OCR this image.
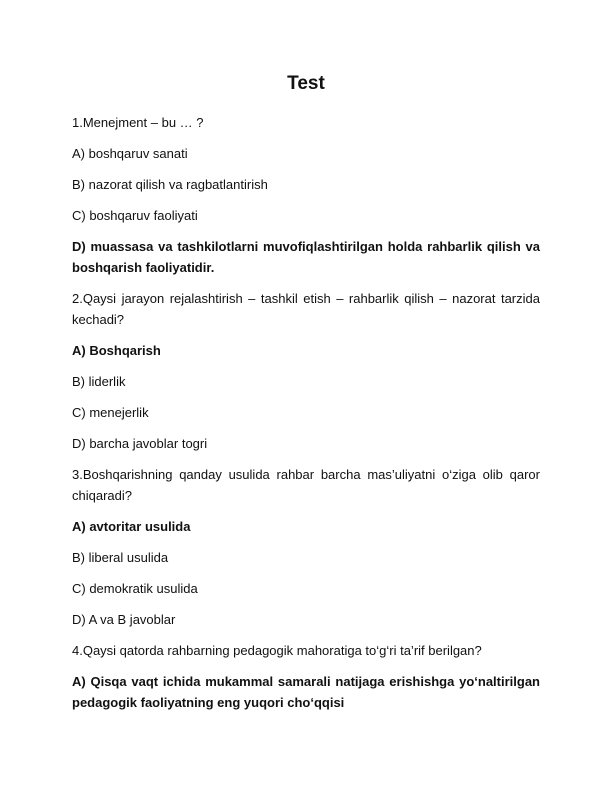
Test

1.Menejment – bu … ?

A) boshqaruv sanati

B) nazorat qilish va ragbatlantirish

C) boshqaruv faoliyati

D) muassasa va tashkilotlarni muvofiqlashtirilgan holda rahbarlik qilish va boshqarish faoliyatidir.

2.Qaysi jarayon rejalashtirish – tashkil etish – rahbarlik qilish – nazorat tarzida kechadi?

A) Boshqarish

B) liderlik

C) menejerlik

D) barcha javoblar togri

3.Boshqarishning qanday usulida rahbar barcha mas’uliyatni o‘ziga olib qaror chiqaradi?

A) avtoritar usulida

B) liberal usulida

C) demokratik usulida

D) A va B javoblar

4.Qaysi qatorda rahbarning pedagogik mahoratiga to‘g‘ri ta’rif berilgan?

A) Qisqa vaqt ichida mukammal samarali natijaga erishishga yo‘naltirilgan pedagogik faoliyatning eng yuqori cho‘qqisi
